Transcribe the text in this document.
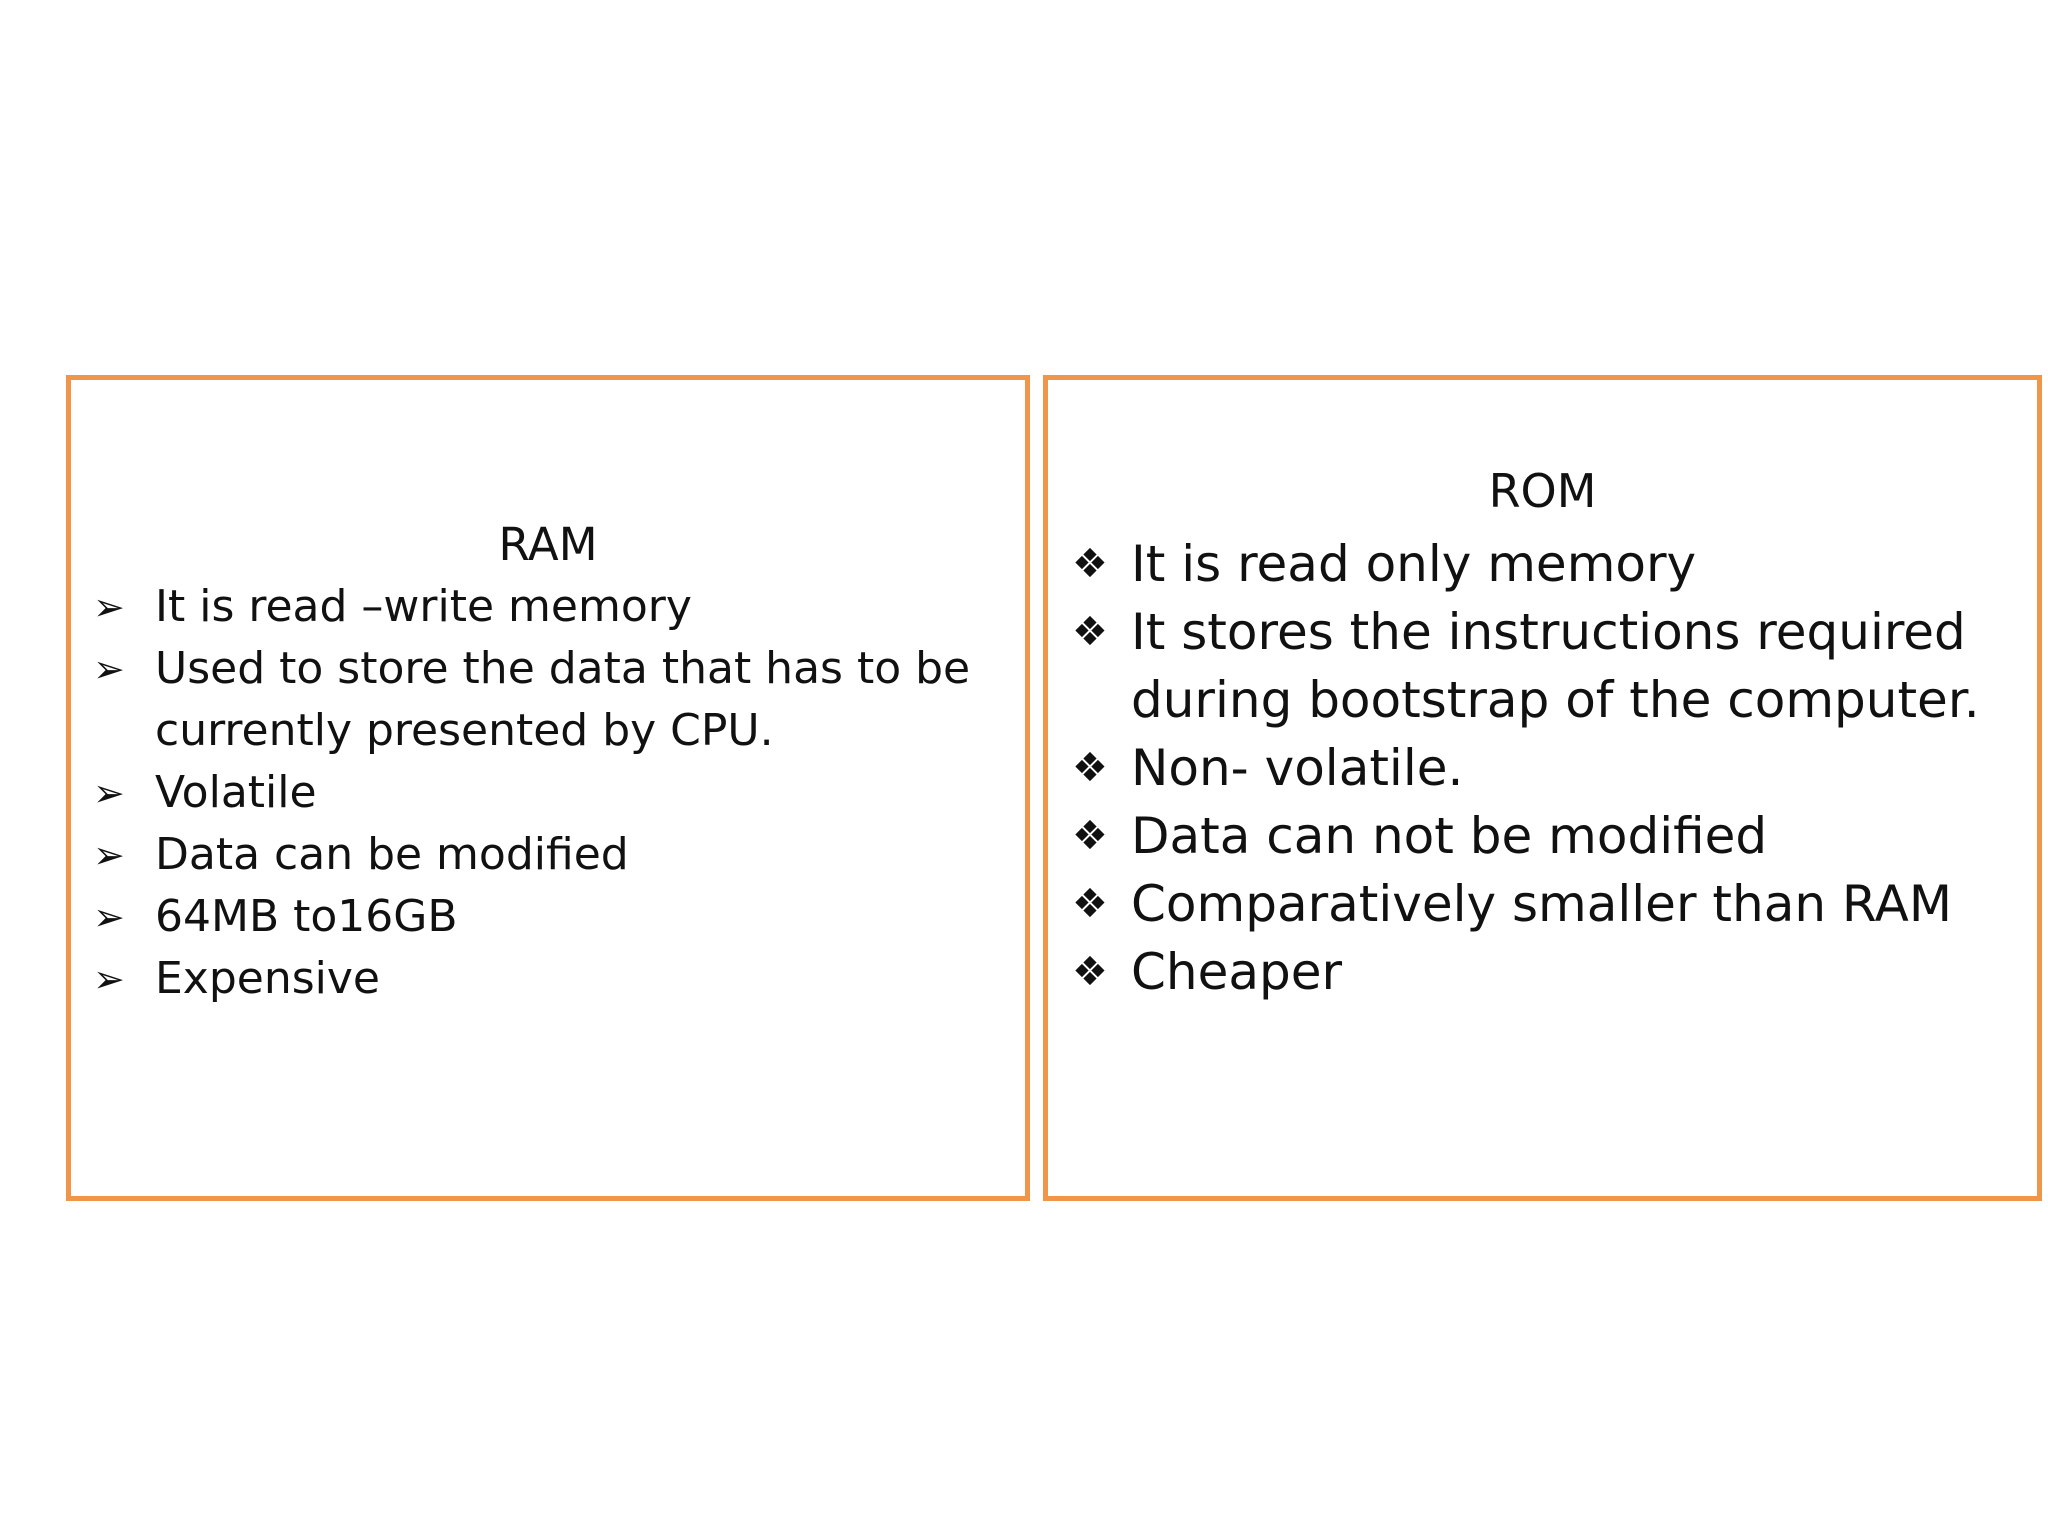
RAM
➢ It is read –write memory
➢ Used to store the data that has to be currently presented by CPU.
➢ Volatile
➢ Data can be modified
➢ 64MB to16GB
➢ Expensive
ROM
❖ It is read only memory
❖ It stores the instructions required during bootstrap of the computer.
❖ Non- volatile.
❖ Data can not be modified
❖ Comparatively smaller than RAM
❖ Cheaper
